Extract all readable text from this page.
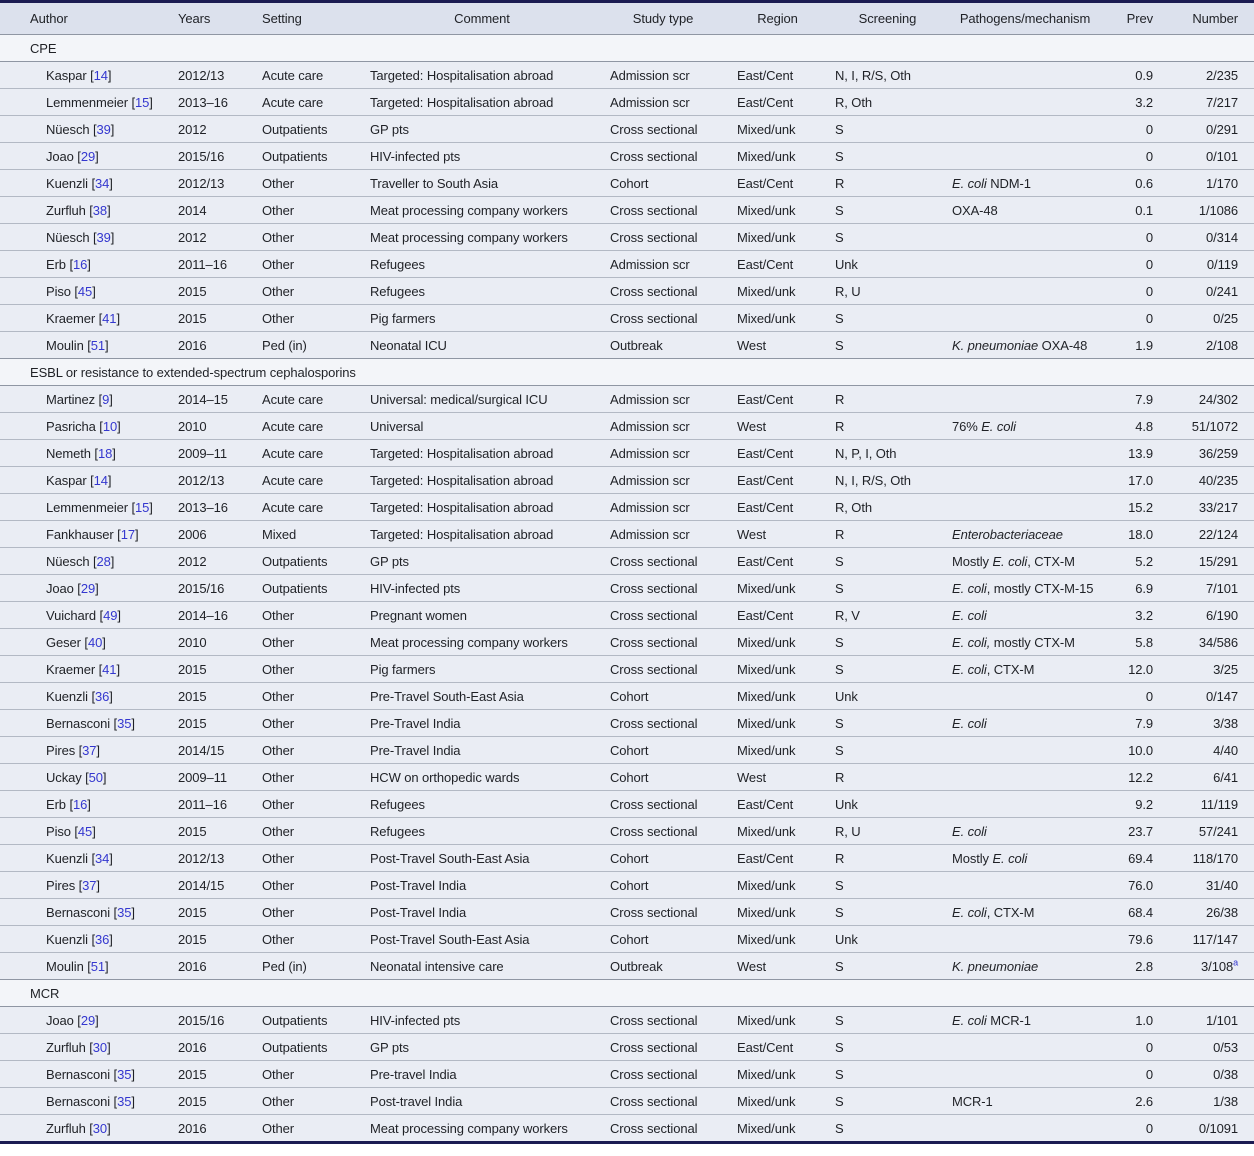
Author	Years	Setting	Comment	Study type	Region	Screening	Pathogens/mechanism	Prev	Number
CPE									
Kaspar [14]	2012/13	Acute care	Targeted: Hospitalisation abroad	Admission scr	East/Cent	N, I, R/S, Oth		0.9	2/235
Lemmenmeier [15]	2013–16	Acute care	Targeted: Hospitalisation abroad	Admission scr	East/Cent	R, Oth		3.2	7/217
Nüesch [39]	2012	Outpatients	GP pts	Cross sectional	Mixed/unk	S		0	0/291
Joao [29]	2015/16	Outpatients	HIV-infected pts	Cross sectional	Mixed/unk	S		0	0/101
Kuenzli [34]	2012/13	Other	Traveller to South Asia	Cohort	East/Cent	R	E. coli NDM-1	0.6	1/170
Zurfluh [38]	2014	Other	Meat processing company workers	Cross sectional	Mixed/unk	S	OXA-48	0.1	1/1086
Nüesch [39]	2012	Other	Meat processing company workers	Cross sectional	Mixed/unk	S		0	0/314
Erb [16]	2011–16	Other	Refugees	Admission scr	East/Cent	Unk		0	0/119
Piso [45]	2015	Other	Refugees	Cross sectional	Mixed/unk	R, U		0	0/241
Kraemer [41]	2015	Other	Pig farmers	Cross sectional	Mixed/unk	S		0	0/25
Moulin [51]	2016	Ped (in)	Neonatal ICU	Outbreak	West	S	K. pneumoniae OXA-48	1.9	2/108
ESBL or resistance to extended-spectrum cephalosporins									
Martinez [9]	2014–15	Acute care	Universal: medical/surgical ICU	Admission scr	East/Cent	R		7.9	24/302
Pasricha [10]	2010	Acute care	Universal	Admission scr	West	R	76% E. coli	4.8	51/1072
Nemeth [18]	2009–11	Acute care	Targeted: Hospitalisation abroad	Admission scr	East/Cent	N, P, I, Oth		13.9	36/259
Kaspar [14]	2012/13	Acute care	Targeted: Hospitalisation abroad	Admission scr	East/Cent	N, I, R/S, Oth		17.0	40/235
Lemmenmeier [15]	2013–16	Acute care	Targeted: Hospitalisation abroad	Admission scr	East/Cent	R, Oth		15.2	33/217
Fankhauser [17]	2006	Mixed	Targeted: Hospitalisation abroad	Admission scr	West	R	Enterobacteriaceae	18.0	22/124
Nüesch [28]	2012	Outpatients	GP pts	Cross sectional	East/Cent	S	Mostly E. coli, CTX-M	5.2	15/291
Joao [29]	2015/16	Outpatients	HIV-infected pts	Cross sectional	Mixed/unk	S	E. coli, mostly CTX-M-15	6.9	7/101
Vuichard [49]	2014–16	Other	Pregnant women	Cross sectional	East/Cent	R, V	E. coli	3.2	6/190
Geser [40]	2010	Other	Meat processing company workers	Cross sectional	Mixed/unk	S	E. coli, mostly CTX-M	5.8	34/586
Kraemer [41]	2015	Other	Pig farmers	Cross sectional	Mixed/unk	S	E. coli, CTX-M	12.0	3/25
Kuenzli [36]	2015	Other	Pre-Travel South-East Asia	Cohort	Mixed/unk	Unk		0	0/147
Bernasconi [35]	2015	Other	Pre-Travel India	Cross sectional	Mixed/unk	S	E. coli	7.9	3/38
Pires [37]	2014/15	Other	Pre-Travel India	Cohort	Mixed/unk	S		10.0	4/40
Uckay [50]	2009–11	Other	HCW on orthopedic wards	Cohort	West	R		12.2	6/41
Erb [16]	2011–16	Other	Refugees	Cross sectional	East/Cent	Unk		9.2	11/119
Piso [45]	2015	Other	Refugees	Cross sectional	Mixed/unk	R, U	E. coli	23.7	57/241
Kuenzli [34]	2012/13	Other	Post-Travel South-East Asia	Cohort	East/Cent	R	Mostly E. coli	69.4	118/170
Pires [37]	2014/15	Other	Post-Travel India	Cohort	Mixed/unk	S		76.0	31/40
Bernasconi [35]	2015	Other	Post-Travel India	Cross sectional	Mixed/unk	S	E. coli, CTX-M	68.4	26/38
Kuenzli [36]	2015	Other	Post-Travel South-East Asia	Cohort	Mixed/unk	Unk		79.6	117/147
Moulin [51]	2016	Ped (in)	Neonatal intensive care	Outbreak	West	S	K. pneumoniae	2.8	3/108$^a$
MCR									
Joao [29]	2015/16	Outpatients	HIV-infected pts	Cross sectional	Mixed/unk	S	E. coli MCR-1	1.0	1/101
Zurfluh [30]	2016	Outpatients	GP pts	Cross sectional	East/Cent	S		0	0/53
Bernasconi [35]	2015	Other	Pre-travel India	Cross sectional	Mixed/unk	S		0	0/38
Bernasconi [35]	2015	Other	Post-travel India	Cross sectional	Mixed/unk	S	MCR-1	2.6	1/38
Zurfluh [30]	2016	Other	Meat processing company workers	Cross sectional	Mixed/unk	S		0	0/1091
